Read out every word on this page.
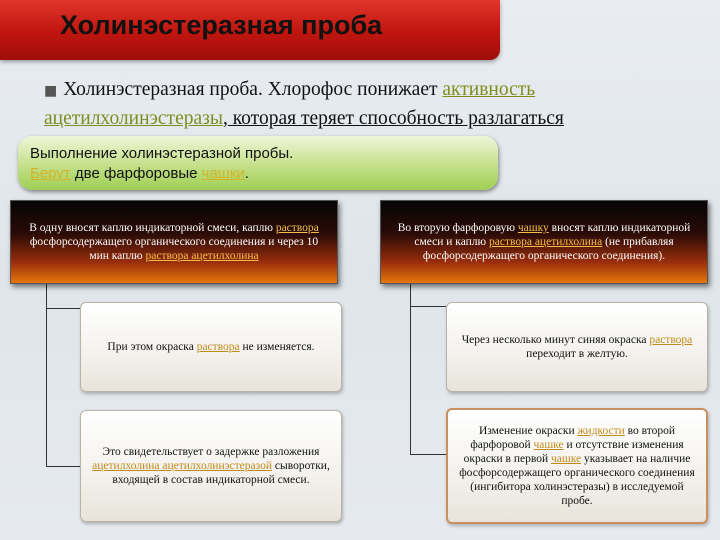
Холинэстеразная проба
■ Холинэстеразная проба. Хлорофос понижает активность ацетилхолинэстеразы, которая теряет способность разлагаться
Выполнение холинэстеразной пробы.
Берут две фарфоровые чашки.
В одну вносят каплю индикаторной смеси, каплю раствора фосфорсодержащего органического соединения и через 10 мин каплю раствора ацетилхолина
Во вторую фарфоровую чашку вносят каплю индикаторной смеси и каплю раствора ацетилхолина (не прибавляя фосфорсодержащего органического соединения).
При этом окраска раствора не изменяется.
Через несколько минут синяя окраска раствора переходит в желтую.
Это свидетельствует о задержке разложения ацетилхолина ацетилхолинэстеразой сыворотки, входящей в состав индикаторной смеси.
Изменение окраски жидкости во второй фарфоровой чашке и отсутствие изменения окраски в первой чашке указывает на наличие фосфорсодержащего органического соединения (ингибитора холинэстеразы) в исследуемой пробе.
